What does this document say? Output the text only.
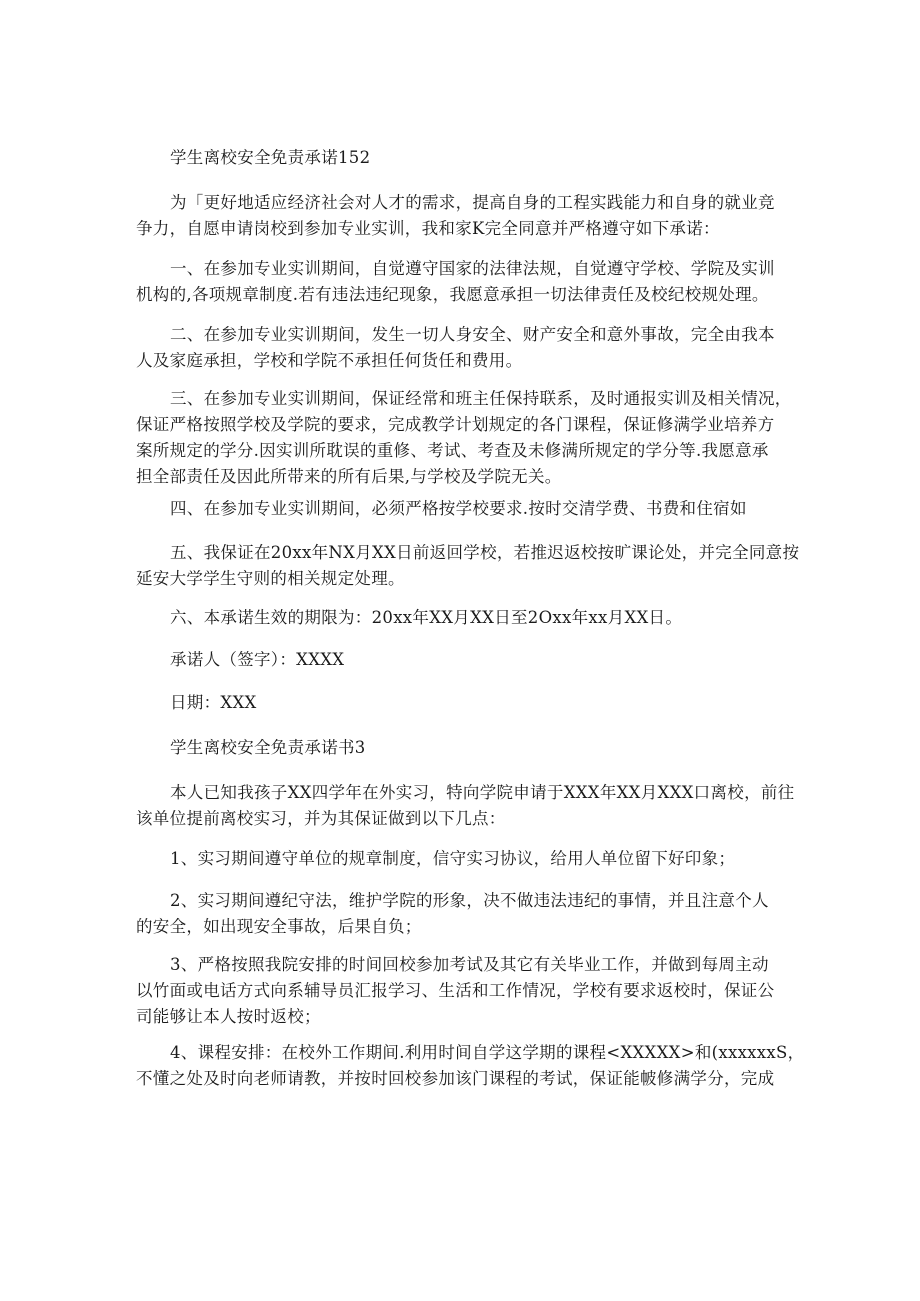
学生离校安全免责承诺152
为「更好地适应经济社会对人才的需求，提高自身的工程实践能力和自身的就业竞
争力，自愿申请岗校到参加专业实训，我和家K完全同意并严格遵守如下承诺：
一、在参加专业实训期间，自觉遵守国家的法律法规，自觉遵守学校、学院及实训
机构的,各项规章制度.若有违法违纪现象，我愿意承担一切法律责任及校纪校规处理。
二、在参加专业实训期间，发生一切人身安全、财产安全和意外事故，完全由我本
人及家庭承担，学校和学院不承担任何货任和费用。
三、在参加专业实训期间，保证经常和班主任保持联系，及时通报实训及相关情况，
保证严格按照学校及学院的要求，完成教学计划规定的各门课程，保证修满学业培养方
案所规定的学分.因实训所耽误的重修、考试、考查及未修满所规定的学分等.我愿意承
担全部责任及因此所带来的所有后果,与学校及学院无关。
四、在参加专业实训期间，必须严格按学校要求.按时交清学费、书费和住宿如
五、我保证在20xx年NX月XX日前返回学校，若推迟返校按旷课论处，并完全同意按
延安大学学生守则的相关规定处理。
六、本承诺生效的期限为：20xx年XX月XX日至2Oxx年xx月XX日。
承诺人（签字）：XXXX
日期：XXX
学生离校安全免责承诺书3
本人已知我孩子XX四学年在外实习，特向学院申请于XXX年XX月XXX口离校，前往
该单位提前离校实习，并为其保证做到以下几点：
1、实习期间遵守单位的规章制度，信守实习协议，给用人单位留下好印象；
2、实习期间遵纪守法，维护学院的形象，决不做违法违纪的事情，并且注意个人
的安全，如出现安全事故，后果自负；
3、严格按照我院安排的时间回校参加考试及其它有关毕业工作，并做到每周主动
以竹面或电话方式向系辅导员汇报学习、生活和工作情况，学校有要求返校时，保证公
司能够让本人按时返校；
4、课程安排：在校外工作期间.利用时间自学这学期的课程<XXXXX>和(xxxxxxS，
不懂之处及时向老师请教，并按时回校参加该门课程的考试，保证能帔修满学分，完成
